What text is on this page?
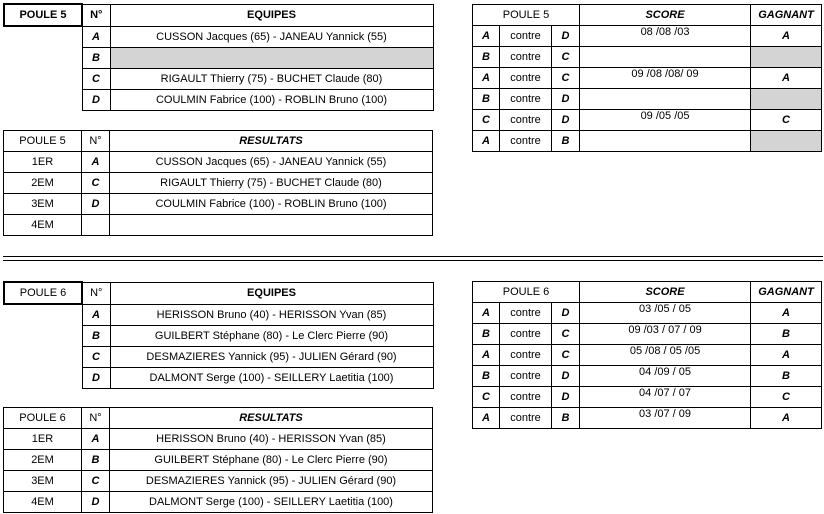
POULE 5	N°	EQUIPES
	A	CUSSON Jacques (65) - JANEAU Yannick (55)
	B	
	C	RIGAULT Thierry (75) - BUCHET Claude (80)
	D	COULMIN Fabrice (100) - ROBLIN Bruno (100)
POULE 5	N°	RESULTATS
1ER	A	CUSSON Jacques (65) - JANEAU Yannick (55)
2EM	C	RIGAULT Thierry (75) - BUCHET Claude (80)
3EM	D	COULMIN Fabrice (100) - ROBLIN Bruno (100)
4EM		
POULE 5			SCORE	GAGNANT
A	contre	D	08 /08 /03	A
B	contre	C		
A	contre	C	09 /08 /08/ 09	A
B	contre	D		
C	contre	D	09 /05 /05	C
A	contre	B		
POULE 6	N°	EQUIPES
	A	HERISSON Bruno (40) - HERISSON Yvan (85)
	B	GUILBERT Stéphane (80) - Le Clerc Pierre (90)
	C	DESMAZIERES Yannick (95) - JULIEN Gérard (90)
	D	DALMONT Serge (100) - SEILLERY Laetitia (100)
POULE 6	N°	RESULTATS
1ER	A	HERISSON Bruno (40) - HERISSON Yvan (85)
2EM	B	GUILBERT Stéphane (80) - Le Clerc Pierre (90)
3EM	C	DESMAZIERES Yannick (95) - JULIEN Gérard (90)
4EM	D	DALMONT Serge (100) - SEILLERY Laetitia (100)
POULE 6			SCORE	GAGNANT
A	contre	D	03 /05 / 05	A
B	contre	C	09 /03 / 07 / 09	B
A	contre	C	05 /08 / 05 /05	A
B	contre	D	04 /09 / 05	B
C	contre	D	04 /07 / 07	C
A	contre	B	03 /07 / 09	A
